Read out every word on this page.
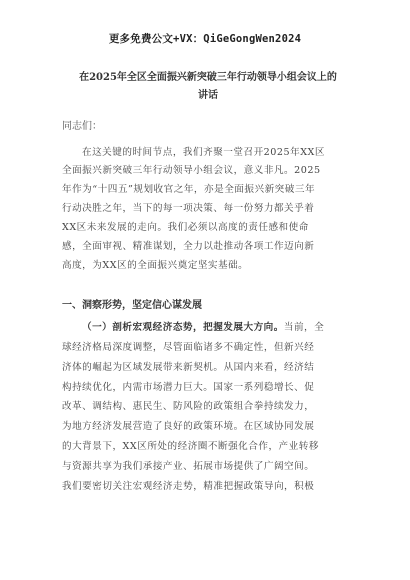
更多免费公文+VX：QiGeGongWen2024
在2025年全区全面振兴新突破三年行动领导小组会议上的
讲话
同志们：
在这关键的时间节点，我们齐聚一堂召开2025年XX区
全面振兴新突破三年行动领导小组会议，意义非凡。2025
年作为“十四五”规划收官之年，亦是全面振兴新突破三年
行动决胜之年，当下的每一项决策、每一份努力都关乎着
XX区未来发展的走向。我们必须以高度的责任感和使命
感，全面审视、精准谋划，全力以赴推动各项工作迈向新
高度，为XX区的全面振兴奠定坚实基础。
一、洞察形势，坚定信心谋发展
（一）剖析宏观经济态势，把握发展大方向。当前，全
球经济格局深度调整，尽管面临诸多不确定性，但新兴经
济体的崛起为区域发展带来新契机。从国内来看，经济结
构持续优化，内需市场潜力巨大。国家一系列稳增长、促
改革、调结构、惠民生、防风险的政策组合拳持续发力，
为地方经济发展营造了良好的政策环境。在区域协同发展
的大背景下，XX区所处的经济圈不断强化合作，产业转移
与资源共享为我们承接产业、拓展市场提供了广阔空间。
我们要密切关注宏观经济走势，精准把握政策导向，积极
